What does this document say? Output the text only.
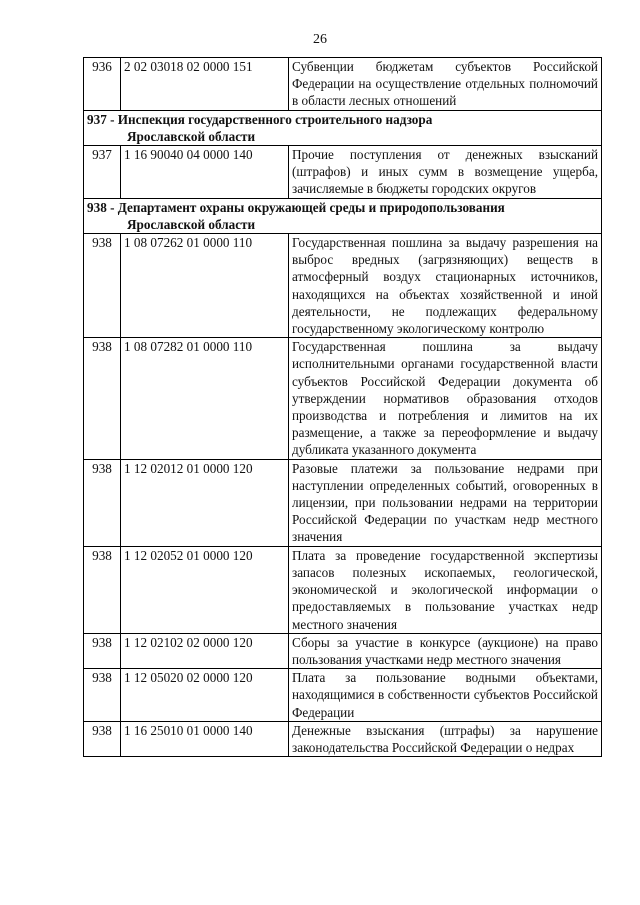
26
936	2 02 03018 02 0000 151	Субвенции бюджетам субъектов Российской Федерации на осуществление отдельных полномочий в области лесных отношений
937 - Инспекция государственного строительного надзора
Ярославской области		

937	1 16 90040 04 0000 140	Прочие поступления от денежных взысканий (штрафов) и иных сумм в возмещение ущерба, зачисляемые в бюджеты городских округов
938 - Департамент охраны окружающей среды и природопользования
Ярославской области		

938	1 08 07262 01 0000 110	Государственная пошлина за выдачу разрешения на выброс вредных (загрязняющих) веществ в атмосферный воздух стационарных источников, находящихся на объектах хозяйственной и иной деятельности, не подлежащих федеральному государственному экологическому контролю
938	1 08 07282 01 0000 110	Государственная пошлина за выдачу исполнительными органами государственной власти субъектов Российской Федерации документа об утверждении нормативов образования отходов производства и потребления и лимитов на их размещение, а также за переоформление и выдачу дубликата указанного документа
938	1 12 02012 01 0000 120	Разовые платежи за пользование недрами при наступлении определенных событий, оговоренных в лицензии, при пользовании недрами на территории Российской Федерации по участкам недр местного значения
938	1 12 02052 01 0000 120	Плата за проведение государственной экспертизы запасов полезных ископаемых, геологической, экономической и экологической информации о предоставляемых в пользование участках недр местного значения
938	1 12 02102 02 0000 120	Сборы за участие в конкурсе (аукционе) на право пользования участками недр местного значения
938	1 12 05020 02 0000 120	Плата за пользование водными объектами, находящимися в собственности субъектов Российской Федерации
938	1 16 25010 01 0000 140	Денежные взыскания (штрафы) за нарушение законодательства Российской Федерации о недрах
